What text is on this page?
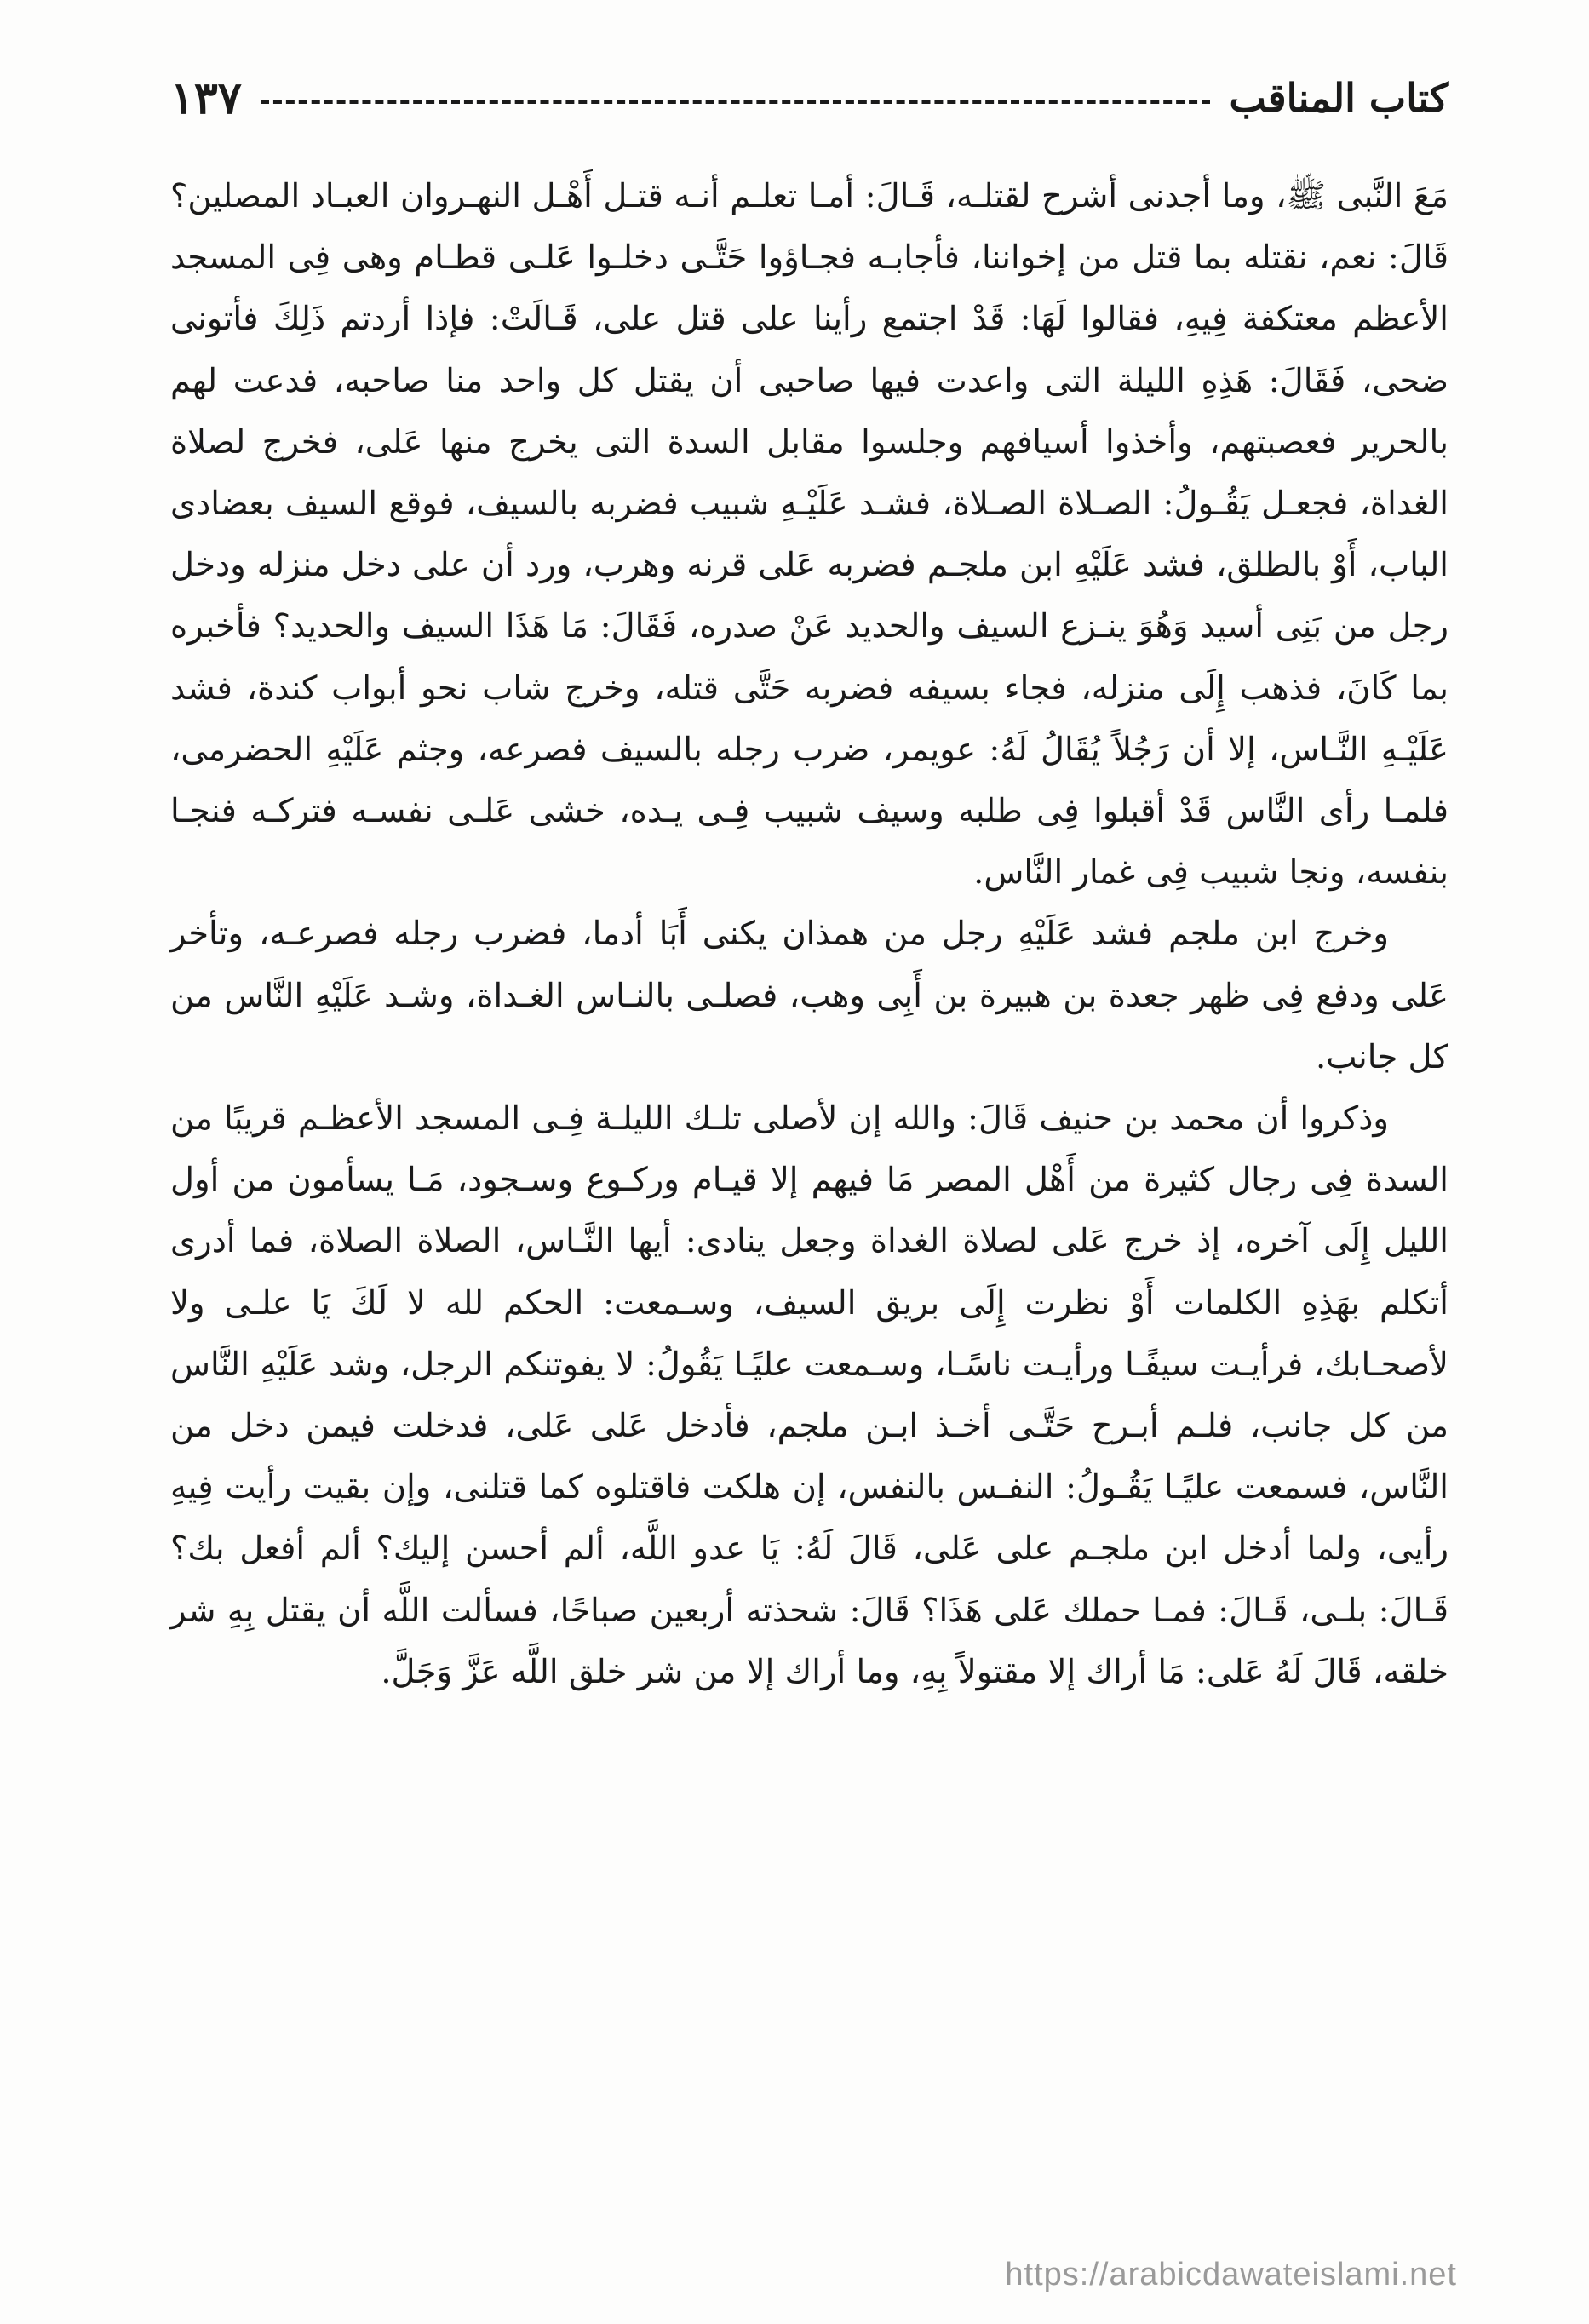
كتاب المناقب
١٣٧

مَعَ النَّبى ﷺ، وما أجدنى أشرح لقتلـه، قَـالَ: أمـا تعلـم أنـه قتـل أَهْـل النهـروان العبـاد المصلين؟ قَالَ: نعم، نقتله بما قتل من إخواننا، فأجابـه فجـاؤوا حَتَّـى دخلـوا عَلـى قطـام وهى فِى المسجد الأعظم معتكفة فِيهِ، فقالوا لَهَا: قَدْ اجتمع رأينا على قتل على، قَـالَتْ: فإذا أردتم ذَلِكَ فأتونى ضحى، فَقَالَ: هَذِهِ الليلة التى واعدت فيها صاحبى أن يقتل كل واحد منا صاحبه، فدعت لهم بالحرير فعصبتهم، وأخذوا أسيافهم وجلسوا مقابل السدة التى يخرج منها عَلى، فخرج لصلاة الغداة، فجعـل يَقُـولُ: الصـلاة الصـلاة، فشـد عَلَيْـهِ شبيب فضربه بالسيف، فوقع السيف بعضادى الباب، أَوْ بالطلق، فشد عَلَيْهِ ابن ملجـم فضربه عَلى قرنه وهرب، ورد أن على دخل منزله ودخل رجل من بَنِى أسيد وَهُوَ ينـزع السيف والحديد عَنْ صدره، فَقَالَ: مَا هَذَا السيف والحديد؟ فأخبره بما كَانَ، فذهب إِلَى منزله، فجاء بسيفه فضربه حَتَّى قتله، وخرج شاب نحو أبواب كندة، فشد عَلَيْـهِ النَّـاس، إلا أن رَجُلاً يُقَالُ لَهُ: عويمر، ضرب رجله بالسيف فصرعه، وجثم عَلَيْهِ الحضرمى، فلمـا رأى النَّاس قَدْ أقبلوا فِى طلبه وسيف شبيب فِـى يـده، خشى عَلـى نفسـه فتركـه فنجـا بنفسه، ونجا شبيب فِى غمار النَّاس.

وخرج ابن ملجم فشد عَلَيْهِ رجل من همذان يكنى أَبَا أدما، فضرب رجله فصرعـه، وتأخر عَلى ودفع فِى ظهر جعدة بن هبيرة بن أَبِى وهب، فصلـى بالنـاس الغـداة، وشـد عَلَيْهِ النَّاس من كل جانب.

وذكروا أن محمد بن حنيف قَالَ: والله إن لأصلى تلـك الليلـة فِـى المسجد الأعظـم قريبًا من السدة فِى رجال كثيرة من أَهْل المصر مَا فيهم إلا قيـام وركـوع وسـجود، مَـا يسأمون من أول الليل إِلَى آخره، إذ خرج عَلى لصلاة الغداة وجعل ينادى: أيها النَّـاس، الصلاة الصلاة، فما أدرى أتكلم بهَذِهِ الكلمات أَوْ نظرت إِلَى بريق السيف، وسـمعت: الحكم لله لا لَكَ يَا علـى ولا لأصحـابك، فرأيـت سيفًـا ورأيـت ناسًـا، وسـمعت عليًـا يَقُولُ: لا يفوتنكم الرجل، وشد عَلَيْهِ النَّاس من كل جانب، فلـم أبـرح حَتَّـى أخـذ ابـن ملجم، فأدخل عَلى عَلى، فدخلت فيمن دخل من النَّاس، فسمعت عليًـا يَقُـولُ: النفـس بالنفس، إن هلكت فاقتلوه كما قتلنى، وإن بقيت رأيت فِيهِ رأيى، ولما أدخل ابن ملجـم على عَلى، قَالَ لَهُ: يَا عدو اللَّه، ألم أحسن إليك؟ ألم أفعل بك؟ قَـالَ: بلـى، قَـالَ: فمـا حملك عَلى هَذَا؟ قَالَ: شحذته أربعين صباحًا، فسألت اللَّه أن يقتل بِهِ شر خلقه، قَالَ لَهُ عَلى: مَا أراك إلا مقتولاً بِهِ، وما أراك إلا من شر خلق اللَّه عَزَّ وَجَلَّ.

https://arabicdawateislami.net
